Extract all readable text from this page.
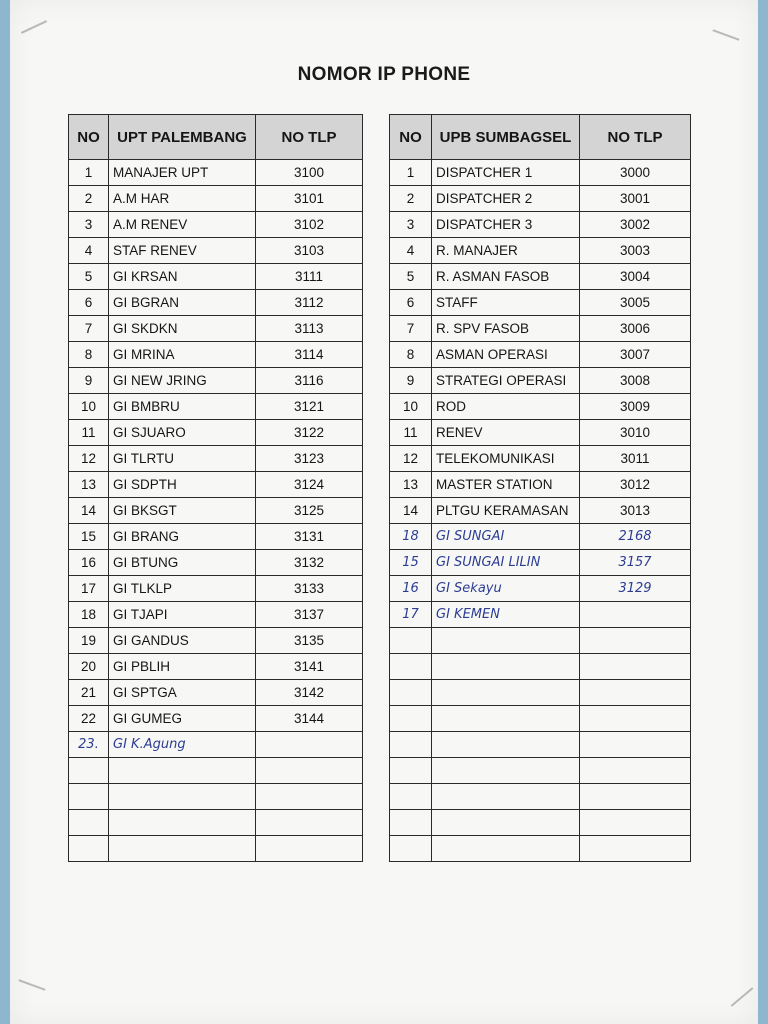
NOMOR IP PHONE
NO	UPT PALEMBANG	NO TLP
1	MANAJER UPT	3100
2	A.M HAR	3101
3	A.M RENEV	3102
4	STAF RENEV	3103
5	GI KRSAN	3111
6	GI BGRAN	3112
7	GI SKDKN	3113
8	GI MRINA	3114
9	GI NEW JRING	3116
10	GI BMBRU	3121
11	GI SJUARO	3122
12	GI TLRTU	3123
13	GI SDPTH	3124
14	GI BKSGT	3125
15	GI BRANG	3131
16	GI BTUNG	3132
17	GI TLKLP	3133
18	GI TJAPI	3137
19	GI GANDUS	3135
20	GI PBLIH	3141
21	GI SPTGA	3142
22	GI GUMEG	3144
23.	GI K.Agung	

NO	UPB SUMBAGSEL	NO TLP
1	DISPATCHER 1	3000
2	DISPATCHER 2	3001
3	DISPATCHER 3	3002
4	R. MANAJER	3003
5	R. ASMAN FASOB	3004
6	STAFF	3005
7	R. SPV FASOB	3006
8	ASMAN OPERASI	3007
9	STRATEGI OPERASI	3008
10	ROD	3009
11	RENEV	3010
12	TELEKOMUNIKASI	3011
13	MASTER STATION	3012
14	PLTGU KERAMASAN	3013
18	GI SUNGAI	2168
15	GI SUNGAI LILIN	3157
16	GI Sekayu	3129
17	GI KEMEN	
